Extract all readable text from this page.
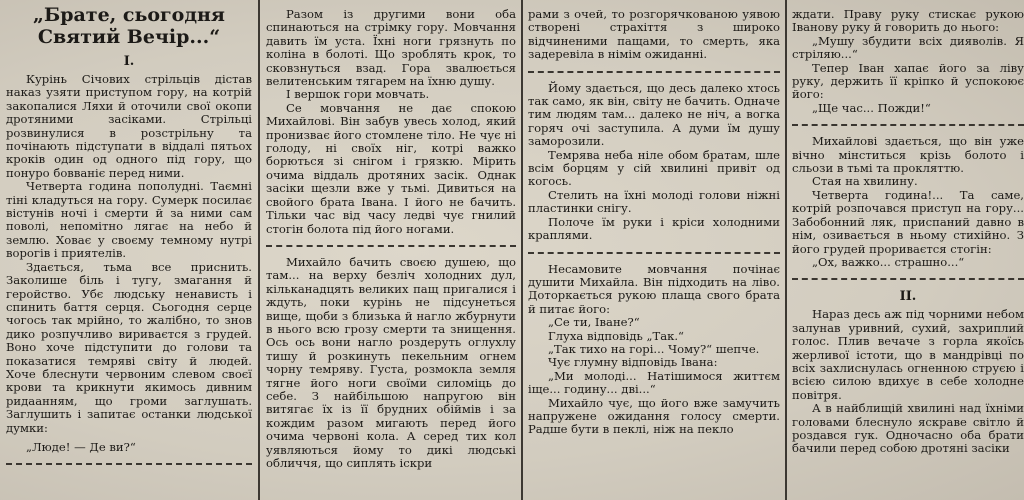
„Брате, сьогодня Святий Вечір...“
I.

Курінь Січових стрільців дістав наказ узяти приступом гору, на котрій закопалися Ляхи й оточили свої окопи дротяними засіками. Стрільці розвинулися в розстрільну та почінають підступати в віддалі пятьох кроків один од одного під гору, що понуро бовваніє перед ними.

Четверта година пополудні. Таємні тіні кладуться на гору. Сумерк посилає вістунів ночі і смерти й за ними сам поволі, непомітно лягає на небо й землю. Ховає у своєму темному нутрі ворогів і приятелів.

Здається, тьма все приснить. Заколише біль і тугу, змагання й геройство. Убє людську ненависть і спинить баття серця. Сьогодня серце чогось так мрійно, то жалібно, то знов дико розпучливо вириваєтся з грудей. Воно хоче підступити до голови та показатися темряві світу й людей. Хоче блеснути червоним слевом своєї крови та крикнути якимось дивним ридаанням, що громи заглушать. Заглушить і запитає останки людської думки:

„Люде! — Де ви?“

Разом із другими вони оба спинаються на стрімку гору. Мовчання давить їм уста. Їхні ноги грязнуть по коліна в болоті. Що зроблять крок, то сковзнуться взад. Гора звалюється велитенським тягарем на їхню душу.

І вершок гори мовчать.

Се мовчання не дає спокою Михайлові. Він забув увесь холод, який пронизває його стомлене тіло. Не чує ні голоду, ні своїх ніг, котрі важко борються зі снігом і грязкю. Мірить очима віддаль дротяних засік. Однак засіки щезли вже у тьмі. Дивиться на свойого брата Івана. І його не бачить. Тільки час від часу ледві чує гнилий стогін болота під його ногами.

Михайло бачить своєю душею, що там... на верху безліч холодних дул, кільканадцять великих пащ пригалися і ждуть, поки курінь не підсунеться вище, щоби з близька й нагло жбурнути в нього всю грозу смерти та знищення. Ось ось вони нагло роздеруть оглухлу тишу й розкинуть пекельним огнем чорну темряву. Густа, розмокла земля тягне його ноги своїми силоміць до себе. З найбільшою напругою він витягає їх із її брудних обіймів і за кождим разом мигають перед його очима червоні кола. А серед тих кол уявляються йому то дикі людські обличчя, що сиплять іскри

рами з очей, то розгорячкованою уявою створені страхіття з широко відчиненими пащами, то смерть, яка задеревіла в німім ожиданні.

Йому здається, що десь далеко хтось так само, як він, світу не бачить. Одначе тим людям там... далеко не ніч, а вогка горяч очі заступила. А думи їм душу заморозили.

Темрява неба ніле обом братам, шле всім борцям у сій хвилині привіт од когось.

Стелить на їхні молоді голови ніжні пластинки снігу.

Полоче їм руки і кріси холодними краплями.

Несамовите мовчання почінає душити Михайла. Він підходить на ліво. Доторкається рукою плаща свого брата й питає його:

„Се ти, Іване?“

Глуха відповідь „Так.“

„Так тихо на горі... Чому?“ шепче.

Чує глумну відповідь Івана:

„Ми молоді... Натішимося життєм іще... годину... дві...“

Михайло чує, що його вже замучить напружене ожидання голосу смерти. Радше бути в пеклі, ніж на пекло

ждати. Праву руку стискає рукою Іванову руку й говорить до нього:

„Мушу збудити всіх дияволів. Я стріляю...“

Тепер Іван хапає його за ліву руку, держить її кріпко й успокоює його:

„Ще час... Пожди!“

Михайлові здається, що він уже вічно мінститься крізь болото і сльози в тьмі та прокляттю.

Стая на хвилину.

Четверта година!... Та саме, котрій розпочався приступ на гору... Забобонний ляк, приспаний давно в нім, озивається в ньому стихійно. З його грудей прориваєтся стогін:

„Ох, важко... страшно...“

II.

Нараз десь аж під чорними небом залунав уривний, сухий, захриплий голос. Плив вечаче з горла якоїсь жерливої істоти, що в мандрівці по всіх захлиснулась огненною струєю і всією силою вдихує в себе холодне повітря.

А в найблищій хвилині над їхніми головами блеснуло яскраве світло й роздався гук. Одночасно оба брати бачили перед собою дротяні засіки
